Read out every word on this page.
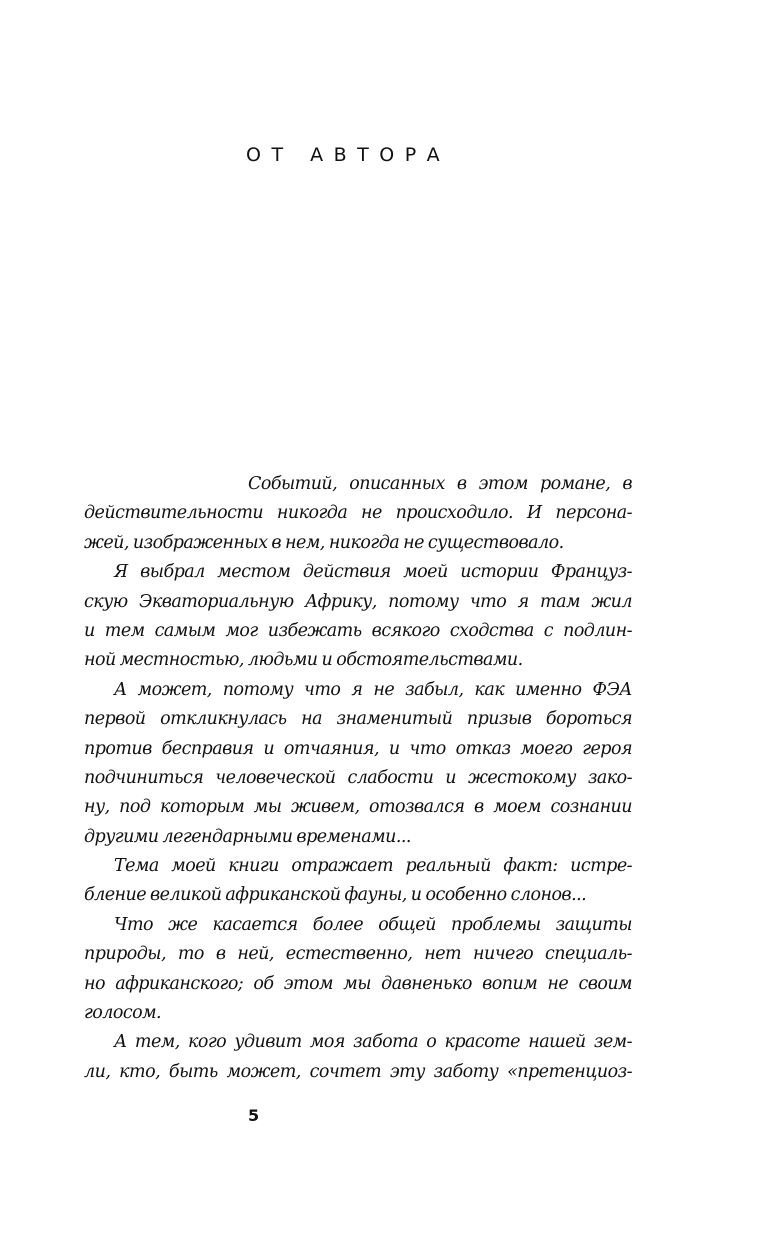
ОТ АВТОРА
Событий, описанных в этом романе, в
действительности никогда не происходило. И персона-
жей, изображенных в нем, никогда не существовало.
Я выбрал местом действия моей истории Француз-
скую Экваториальную Африку, потому что я там жил
и тем самым мог избежать всякого сходства с подлин-
ной местностью, людьми и обстоятельствами.
А может, потому что я не забыл, как именно ФЭА
первой откликнулась на знаменитый призыв бороться
против бесправия и отчаяния, и что отказ моего героя
подчиниться человеческой слабости и жестокому зако-
ну, под которым мы живем, отозвался в моем сознании
другими легендарными временами...
Тема моей книги отражает реальный факт: истре-
бление великой африканской фауны, и особенно слонов...
Что же касается более общей проблемы защиты
природы, то в ней, естественно, нет ничего специаль-
но африканского; об этом мы давненько вопим не своим
голосом.
А тем, кого удивит моя забота о красоте нашей зем-
ли, кто, быть может, сочтет эту заботу «претенциоз-
5
